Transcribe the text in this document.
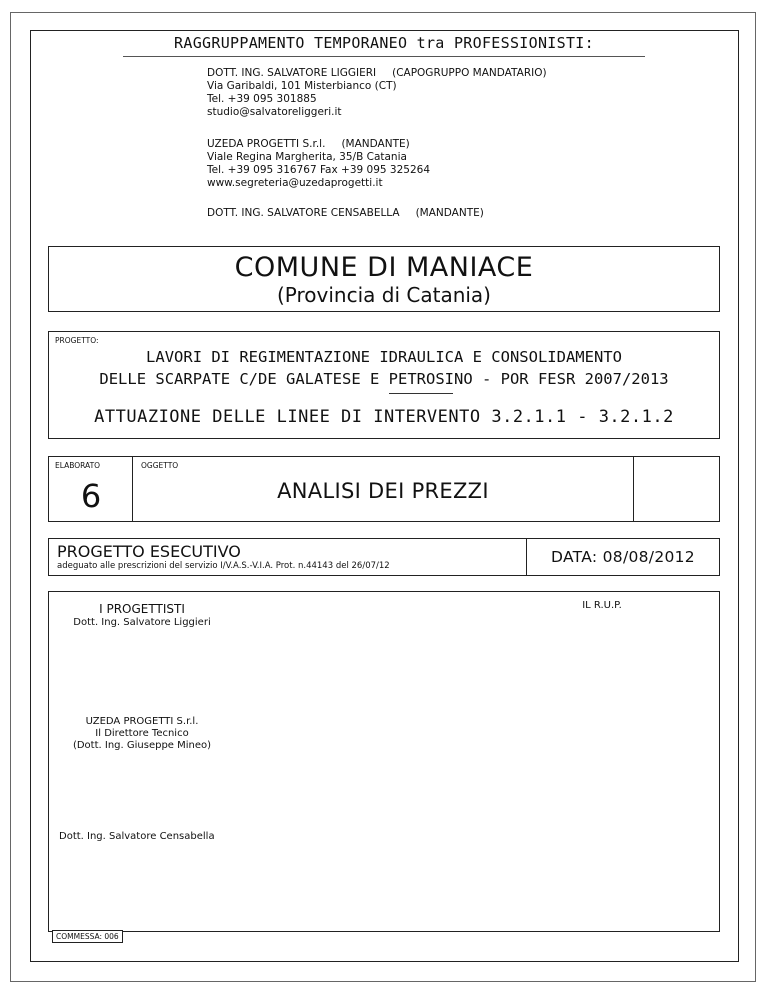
RAGGRUPPAMENTO TEMPORANEO tra PROFESSIONISTI:
DOTT. ING. SALVATORE LIGGIERI (CAPOGRUPPO MANDATARIO)
Via Garibaldi, 101 Misterbianco (CT)
Tel. +39 095 301885
studio@salvatoreliggeri.it
UZEDA PROGETTI S.r.l. (MANDANTE)
Viale Regina Margherita, 35/B Catania
Tel. +39 095 316767 Fax +39 095 325264
www.segreteria@uzedaprogetti.it
DOTT. ING. SALVATORE CENSABELLA (MANDANTE)
COMUNE DI MANIACE
(Provincia di Catania)
PROGETTO:
LAVORI DI REGIMENTAZIONE IDRAULICA E CONSOLIDAMENTO
DELLE SCARPATE C/DE GALATESE E PETROSINO - POR FESR 2007/2013
ATTUAZIONE DELLE LINEE DI INTERVENTO 3.2.1.1 - 3.2.1.2
ELABORATO	OGGETTO
6	ANALISI DEI PREZZI
PROGETTO ESECUTIVO
adeguato alle prescrizioni del servizio I/V.A.S.-V.I.A. Prot. n.44143 del 26/07/12	DATA: 08/08/2012
I PROGETTISTI
Dott. Ing. Salvatore Liggieri
UZEDA PROGETTI S.r.l.
Il Direttore Tecnico
(Dott. Ing. Giuseppe Mineo)
Dott. Ing. Salvatore Censabella
IL R.U.P.
COMMESSA: 006
